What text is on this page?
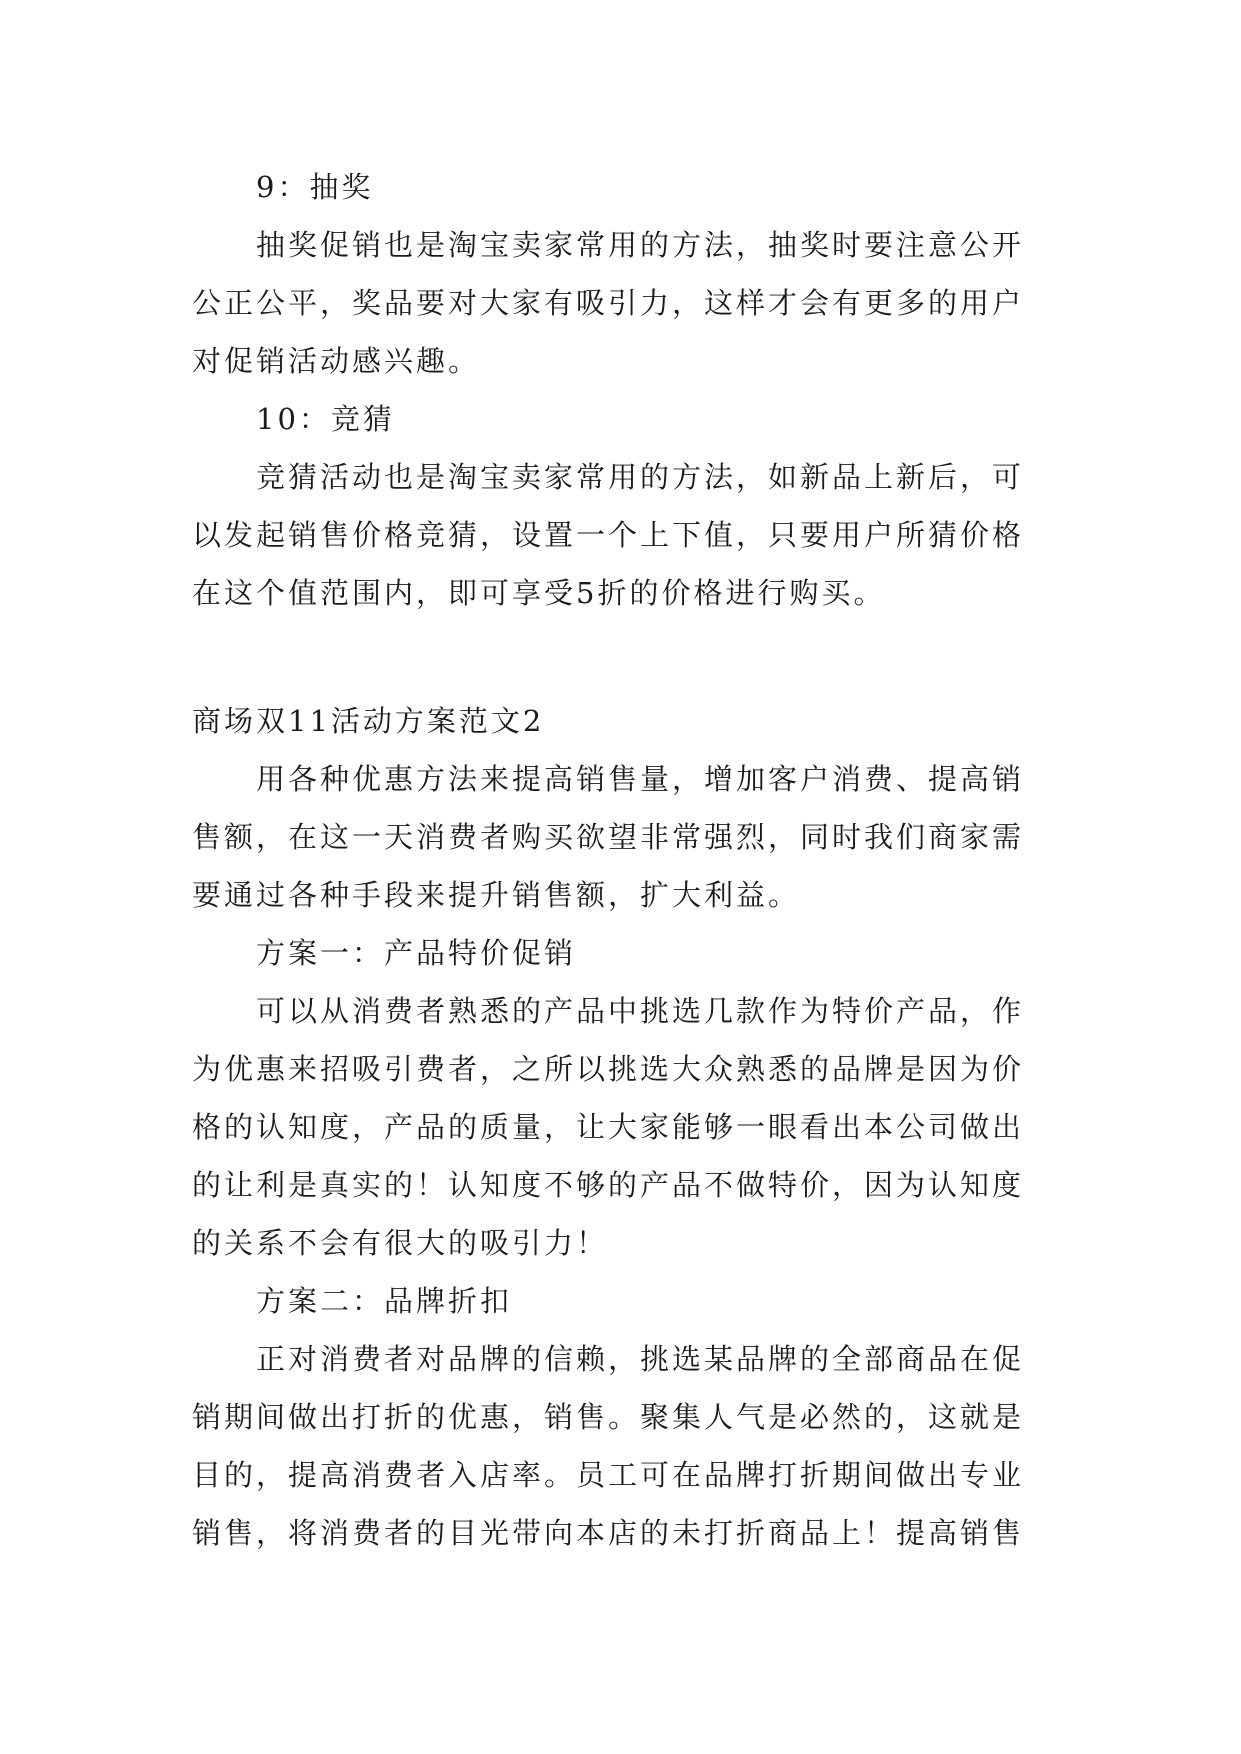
9：抽奖

抽奖促销也是淘宝卖家常用的方法，抽奖时要注意公开

公正公平，奖品要对大家有吸引力，这样才会有更多的用户

对促销活动感兴趣。

10：竞猜

竞猜活动也是淘宝卖家常用的方法，如新品上新后，可

以发起销售价格竞猜，设置一个上下值，只要用户所猜价格

在这个值范围内，即可享受5折的价格进行购买。

商场双11活动方案范文2

用各种优惠方法来提高销售量，增加客户消费、提高销

售额，在这一天消费者购买欲望非常强烈，同时我们商家需

要通过各种手段来提升销售额，扩大利益。

方案一：产品特价促销

可以从消费者熟悉的产品中挑选几款作为特价产品，作

为优惠来招吸引费者，之所以挑选大众熟悉的品牌是因为价

格的认知度，产品的质量，让大家能够一眼看出本公司做出

的让利是真实的！认知度不够的产品不做特价，因为认知度

的关系不会有很大的吸引力！

方案二：品牌折扣

正对消费者对品牌的信赖，挑选某品牌的全部商品在促

销期间做出打折的优惠，销售。聚集人气是必然的，这就是

目的，提高消费者入店率。员工可在品牌打折期间做出专业

销售，将消费者的目光带向本店的未打折商品上！提高销售
